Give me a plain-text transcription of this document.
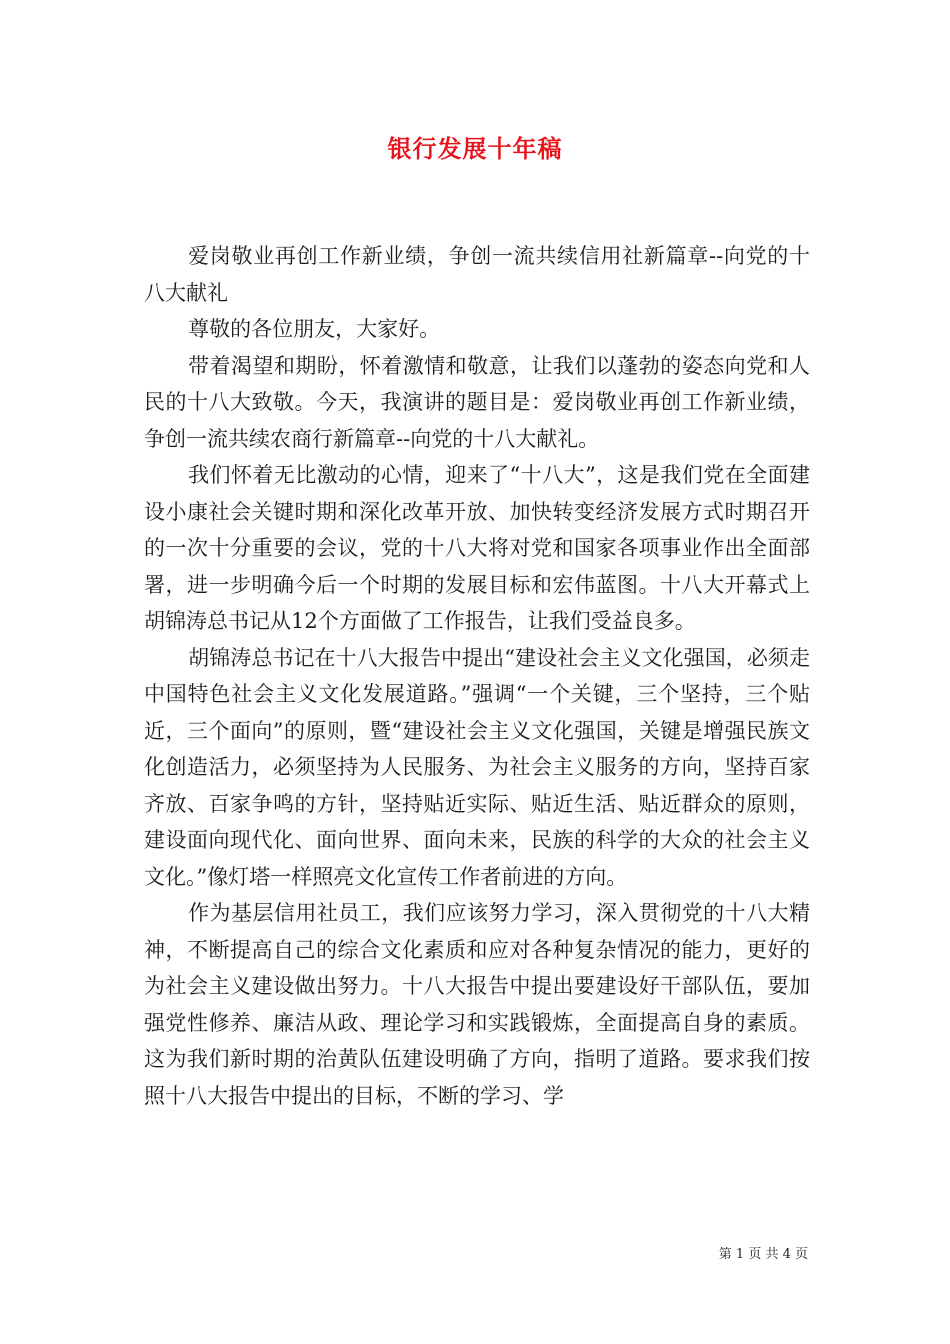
银行发展十年稿

爱岗敬业再创工作新业绩，争创一流共续信用社新篇章--向党的十八大献礼

尊敬的各位朋友，大家好。

带着渴望和期盼，怀着激情和敬意，让我们以蓬勃的姿态向党和人民的十八大致敬。今天，我演讲的题目是：爱岗敬业再创工作新业绩，争创一流共续农商行新篇章--向党的十八大献礼。

我们怀着无比激动的心情，迎来了“十八大”，这是我们党在全面建设小康社会关键时期和深化改革开放、加快转变经济发展方式时期召开的一次十分重要的会议，党的十八大将对党和国家各项事业作出全面部署，进一步明确今后一个时期的发展目标和宏伟蓝图。十八大开幕式上胡锦涛总书记从12个方面做了工作报告，让我们受益良多。

胡锦涛总书记在十八大报告中提出“建设社会主义文化强国，必须走中国特色社会主义文化发展道路。”强调“一个关键，三个坚持，三个贴近，三个面向”的原则，暨“建设社会主义文化强国，关键是增强民族文化创造活力，必须坚持为人民服务、为社会主义服务的方向，坚持百家齐放、百家争鸣的方针，坚持贴近实际、贴近生活、贴近群众的原则，建设面向现代化、面向世界、面向未来，民族的科学的大众的社会主义文化。”像灯塔一样照亮文化宣传工作者前进的方向。

作为基层信用社员工，我们应该努力学习，深入贯彻党的十八大精神，不断提高自己的综合文化素质和应对各种复杂情况的能力，更好的为社会主义建设做出努力。十八大报告中提出要建设好干部队伍，要加强党性修养、廉洁从政、理论学习和实践锻炼，全面提高自身的素质。这为我们新时期的治黄队伍建设明确了方向，指明了道路。要求我们按照十八大报告中提出的目标，不断的学习、学

第 1 页 共 4 页
